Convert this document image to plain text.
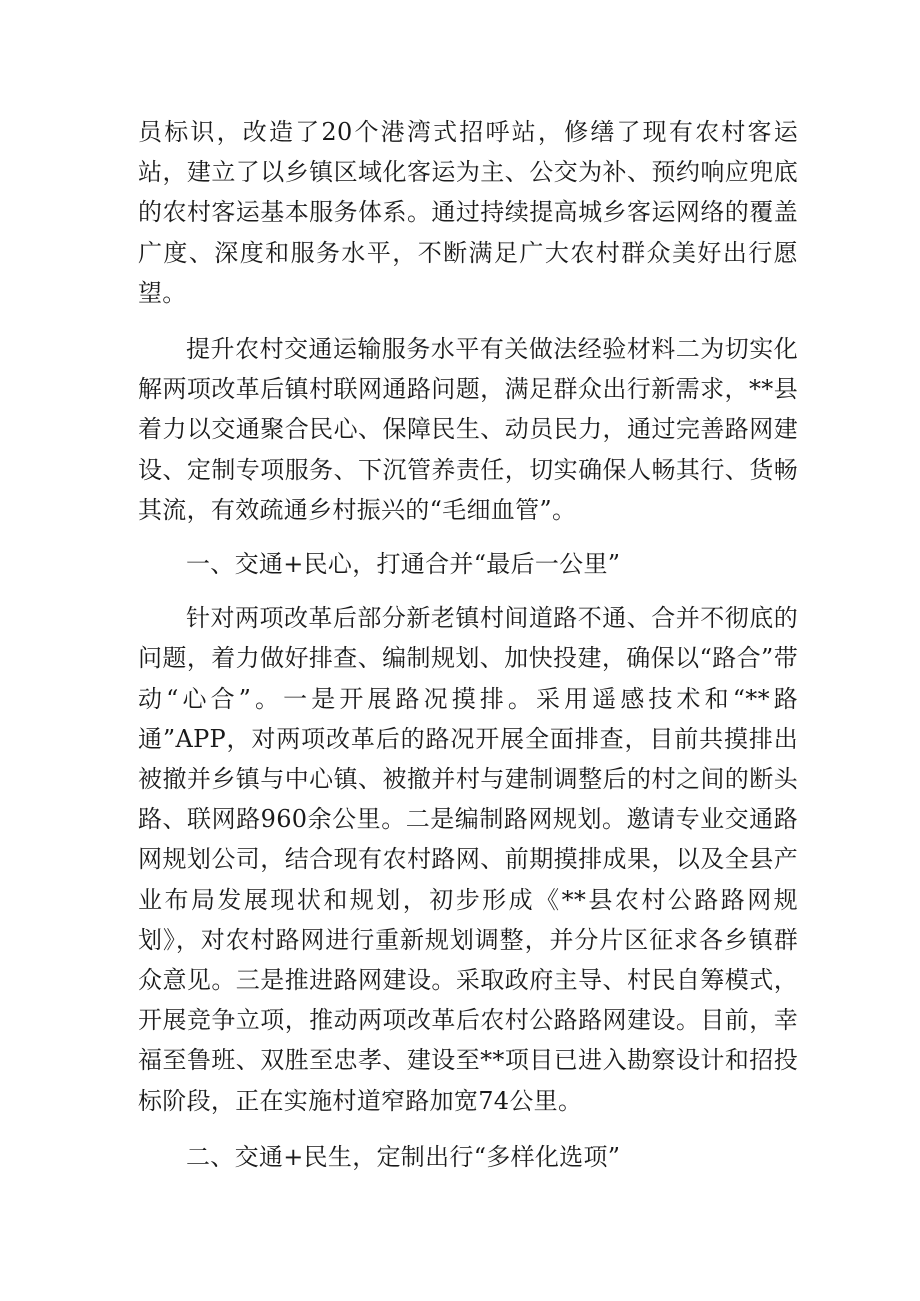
员标识，改造了20个港湾式招呼站，修缮了现有农村客运站，建立了以乡镇区域化客运为主、公交为补、预约响应兜底的农村客运基本服务体系。通过持续提高城乡客运网络的覆盖广度、深度和服务水平，不断满足广大农村群众美好出行愿望。

提升农村交通运输服务水平有关做法经验材料二为切实化解两项改革后镇村联网通路问题，满足群众出行新需求，**县着力以交通聚合民心、保障民生、动员民力，通过完善路网建设、定制专项服务、下沉管养责任，切实确保人畅其行、货畅其流，有效疏通乡村振兴的“毛细血管”。

一、交通+民心，打通合并“最后一公里”

针对两项改革后部分新老镇村间道路不通、合并不彻底的问题，着力做好排查、编制规划、加快投建，确保以“路合”带动“心合”。一是开展路况摸排。采用遥感技术和“**路通”APP，对两项改革后的路况开展全面排查，目前共摸排出被撤并乡镇与中心镇、被撤并村与建制调整后的村之间的断头路、联网路960余公里。二是编制路网规划。邀请专业交通路网规划公司，结合现有农村路网、前期摸排成果，以及全县产业布局发展现状和规划，初步形成《**县农村公路路网规划》，对农村路网进行重新规划调整，并分片区征求各乡镇群众意见。三是推进路网建设。采取政府主导、村民自筹模式，开展竞争立项，推动两项改革后农村公路路网建设。目前，幸福至鲁班、双胜至忠孝、建设至**项目已进入勘察设计和招投标阶段，正在实施村道窄路加宽74公里。

二、交通+民生，定制出行“多样化选项”
